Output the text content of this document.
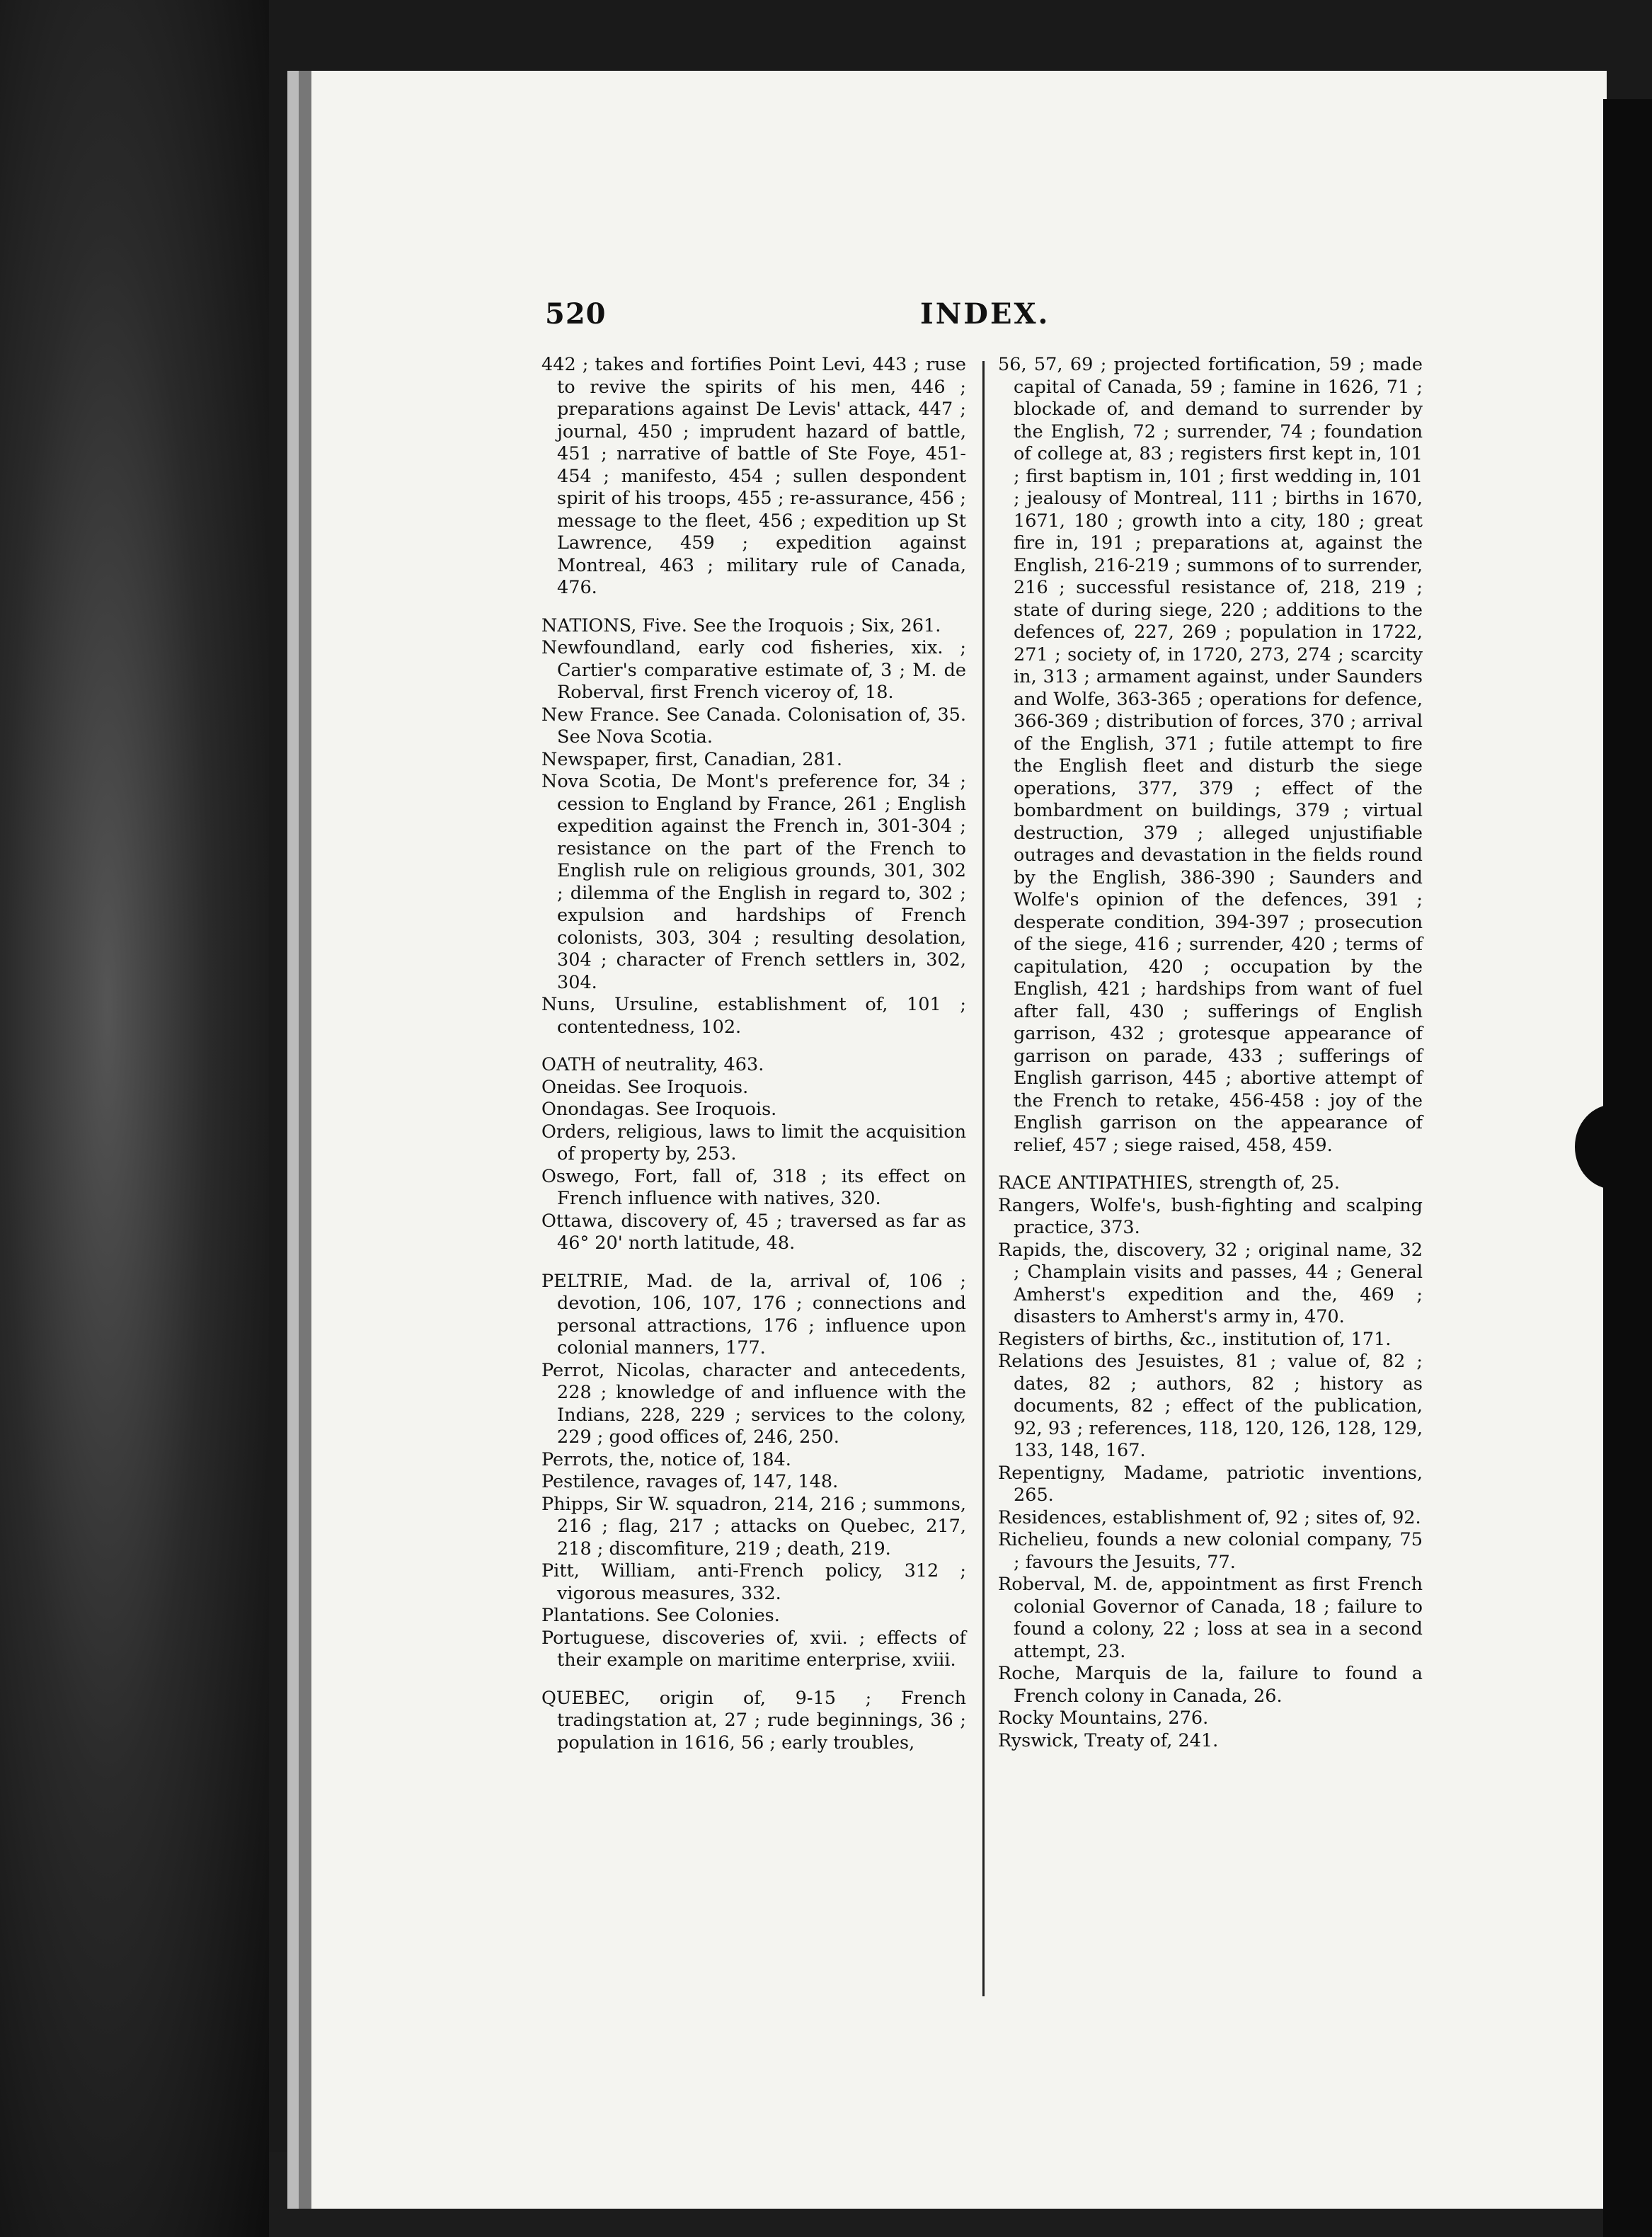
520	INDEX.

442 ; takes and fortifies Point Levi, 443 ; ruse to revive the spirits of his men, 446 ; preparations against De Levis' attack, 447 ; journal, 450 ; imprudent hazard of battle, 451 ; narrative of battle of Ste Foye, 451-454 ; manifesto, 454 ; sullen despondent spirit of his troops, 455 ; re-assurance, 456 ; message to the fleet, 456 ; expedition up St Lawrence, 459 ; expedition against Montreal, 463 ; military rule of Canada, 476.

NATIONS, Five. See the Iroquois ; Six, 261.

Newfoundland, early cod fisheries, xix. ; Cartier's comparative estimate of, 3 ; M. de Roberval, first French viceroy of, 18.

New France. See Canada. Colonisation of, 35. See Nova Scotia.

Newspaper, first, Canadian, 281.

Nova Scotia, De Mont's preference for, 34 ; cession to England by France, 261 ; English expedition against the French in, 301-304 ; resistance on the part of the French to English rule on religious grounds, 301, 302 ; dilemma of the English in regard to, 302 ; expulsion and hardships of French colonists, 303, 304 ; resulting desolation, 304 ; character of French settlers in, 302, 304.

Nuns, Ursuline, establishment of, 101 ; contentedness, 102.

OATH of neutrality, 463.

Oneidas. See Iroquois.

Onondagas. See Iroquois.

Orders, religious, laws to limit the acquisition of property by, 253.

Oswego, Fort, fall of, 318 ; its effect on French influence with natives, 320.

Ottawa, discovery of, 45 ; traversed as far as 46° 20' north latitude, 48.

PELTRIE, Mad. de la, arrival of, 106 ; devotion, 106, 107, 176 ; connections and personal attractions, 176 ; influence upon colonial manners, 177.

Perrot, Nicolas, character and antecedents, 228 ; knowledge of and influence with the Indians, 228, 229 ; services to the colony, 229 ; good offices of, 246, 250.

Perrots, the, notice of, 184.

Pestilence, ravages of, 147, 148.

Phipps, Sir W. squadron, 214, 216 ; summons, 216 ; flag, 217 ; attacks on Quebec, 217, 218 ; discomfiture, 219 ; death, 219.

Pitt, William, anti-French policy, 312 ; vigorous measures, 332.

Plantations. See Colonies.

Portuguese, discoveries of, xvii. ; effects of their example on maritime enterprise, xviii.

QUEBEC, origin of, 9-15 ; French tradingstation at, 27 ; rude beginnings, 36 ; population in 1616, 56 ; early troubles,

56, 57, 69 ; projected fortification, 59 ; made capital of Canada, 59 ; famine in 1626, 71 ; blockade of, and demand to surrender by the English, 72 ; surrender, 74 ; foundation of college at, 83 ; registers first kept in, 101 ; first baptism in, 101 ; first wedding in, 101 ; jealousy of Montreal, 111 ; births in 1670, 1671, 180 ; growth into a city, 180 ; great fire in, 191 ; preparations at, against the English, 216-219 ; summons of to surrender, 216 ; successful resistance of, 218, 219 ; state of during siege, 220 ; additions to the defences of, 227, 269 ; population in 1722, 271 ; society of, in 1720, 273, 274 ; scarcity in, 313 ; armament against, under Saunders and Wolfe, 363-365 ; operations for defence, 366-369 ; distribution of forces, 370 ; arrival of the English, 371 ; futile attempt to fire the English fleet and disturb the siege operations, 377, 379 ; effect of the bombardment on buildings, 379 ; virtual destruction, 379 ; alleged unjustifiable outrages and devastation in the fields round by the English, 386-390 ; Saunders and Wolfe's opinion of the defences, 391 ; desperate condition, 394-397 ; prosecution of the siege, 416 ; surrender, 420 ; terms of capitulation, 420 ; occupation by the English, 421 ; hardships from want of fuel after fall, 430 ; sufferings of English garrison, 432 ; grotesque appearance of garrison on parade, 433 ; sufferings of English garrison, 445 ; abortive attempt of the French to retake, 456-458 : joy of the English garrison on the appearance of relief, 457 ; siege raised, 458, 459.

RACE ANTIPATHIES, strength of, 25.

Rangers, Wolfe's, bush-fighting and scalping practice, 373.

Rapids, the, discovery, 32 ; original name, 32 ; Champlain visits and passes, 44 ; General Amherst's expedition and the, 469 ; disasters to Amherst's army in, 470.

Registers of births, &c., institution of, 171.

Relations des Jesuistes, 81 ; value of, 82 ; dates, 82 ; authors, 82 ; history as documents, 82 ; effect of the publication, 92, 93 ; references, 118, 120, 126, 128, 129, 133, 148, 167.

Repentigny, Madame, patriotic inventions, 265.

Residences, establishment of, 92 ; sites of, 92.

Richelieu, founds a new colonial company, 75 ; favours the Jesuits, 77.

Roberval, M. de, appointment as first French colonial Governor of Canada, 18 ; failure to found a colony, 22 ; loss at sea in a second attempt, 23.

Roche, Marquis de la, failure to found a French colony in Canada, 26.

Rocky Mountains, 276.

Ryswick, Treaty of, 241.
